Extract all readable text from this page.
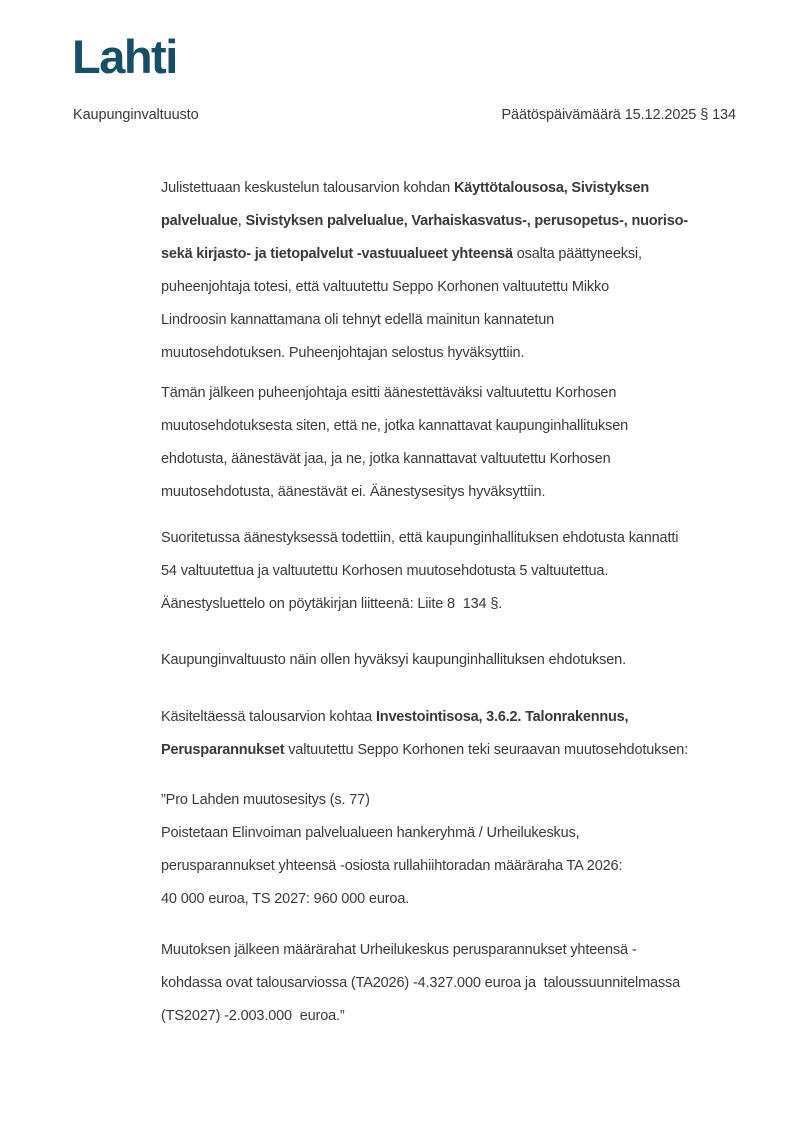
Lahti
Kaupunginvaltuusto	Päätöspäivämäärä 15.12.2025 § 134

Julistettuaan keskustelun talousarvion kohdan Käyttötalousosa, Sivistyksen
palvelualue, Sivistyksen palvelualue, Varhaiskasvatus-, perusopetus-, nuoriso-
sekä kirjasto- ja tietopalvelut -vastuualueet yhteensä osalta päättyneeksi,
puheenjohtaja totesi, että valtuutettu Seppo Korhonen valtuutettu Mikko
Lindroosin kannattamana oli tehnyt edellä mainitun kannatetun
muutosehdotuksen. Puheenjohtajan selostus hyväksyttiin.

Tämän jälkeen puheenjohtaja esitti äänestettäväksi valtuutettu Korhosen
muutosehdotuksesta siten, että ne, jotka kannattavat kaupunginhallituksen
ehdotusta, äänestävät jaa, ja ne, jotka kannattavat valtuutettu Korhosen
muutosehdotusta, äänestävät ei. Äänestysesitys hyväksyttiin.

Suoritetussa äänestyksessä todettiin, että kaupunginhallituksen ehdotusta kannatti
54 valtuutettua ja valtuutettu Korhosen muutosehdotusta 5 valtuutettua.
Äänestysluettelo on pöytäkirjan liitteenä: Liite 8  134 §.

Kaupunginvaltuusto näin ollen hyväksyi kaupunginhallituksen ehdotuksen.

Käsiteltäessä talousarvion kohtaa Investointisosa, 3.6.2. Talonrakennus,
Perusparannukset valtuutettu Seppo Korhonen teki seuraavan muutosehdotuksen:

”Pro Lahden muutosesitys (s. 77)
Poistetaan Elinvoiman palvelualueen hankeryhmä / Urheilukeskus,
perusparannukset yhteensä -osiosta rullahiihtoradan määräraha TA 2026:
40 000 euroa, TS 2027: 960 000 euroa.

Muutoksen jälkeen määrärahat Urheilukeskus perusparannukset yhteensä -
kohdassa ovat talousarviossa (TA2026) -4.327.000 euroa ja  taloussuunnitelmassa
(TS2027) -2.003.000  euroa.”
